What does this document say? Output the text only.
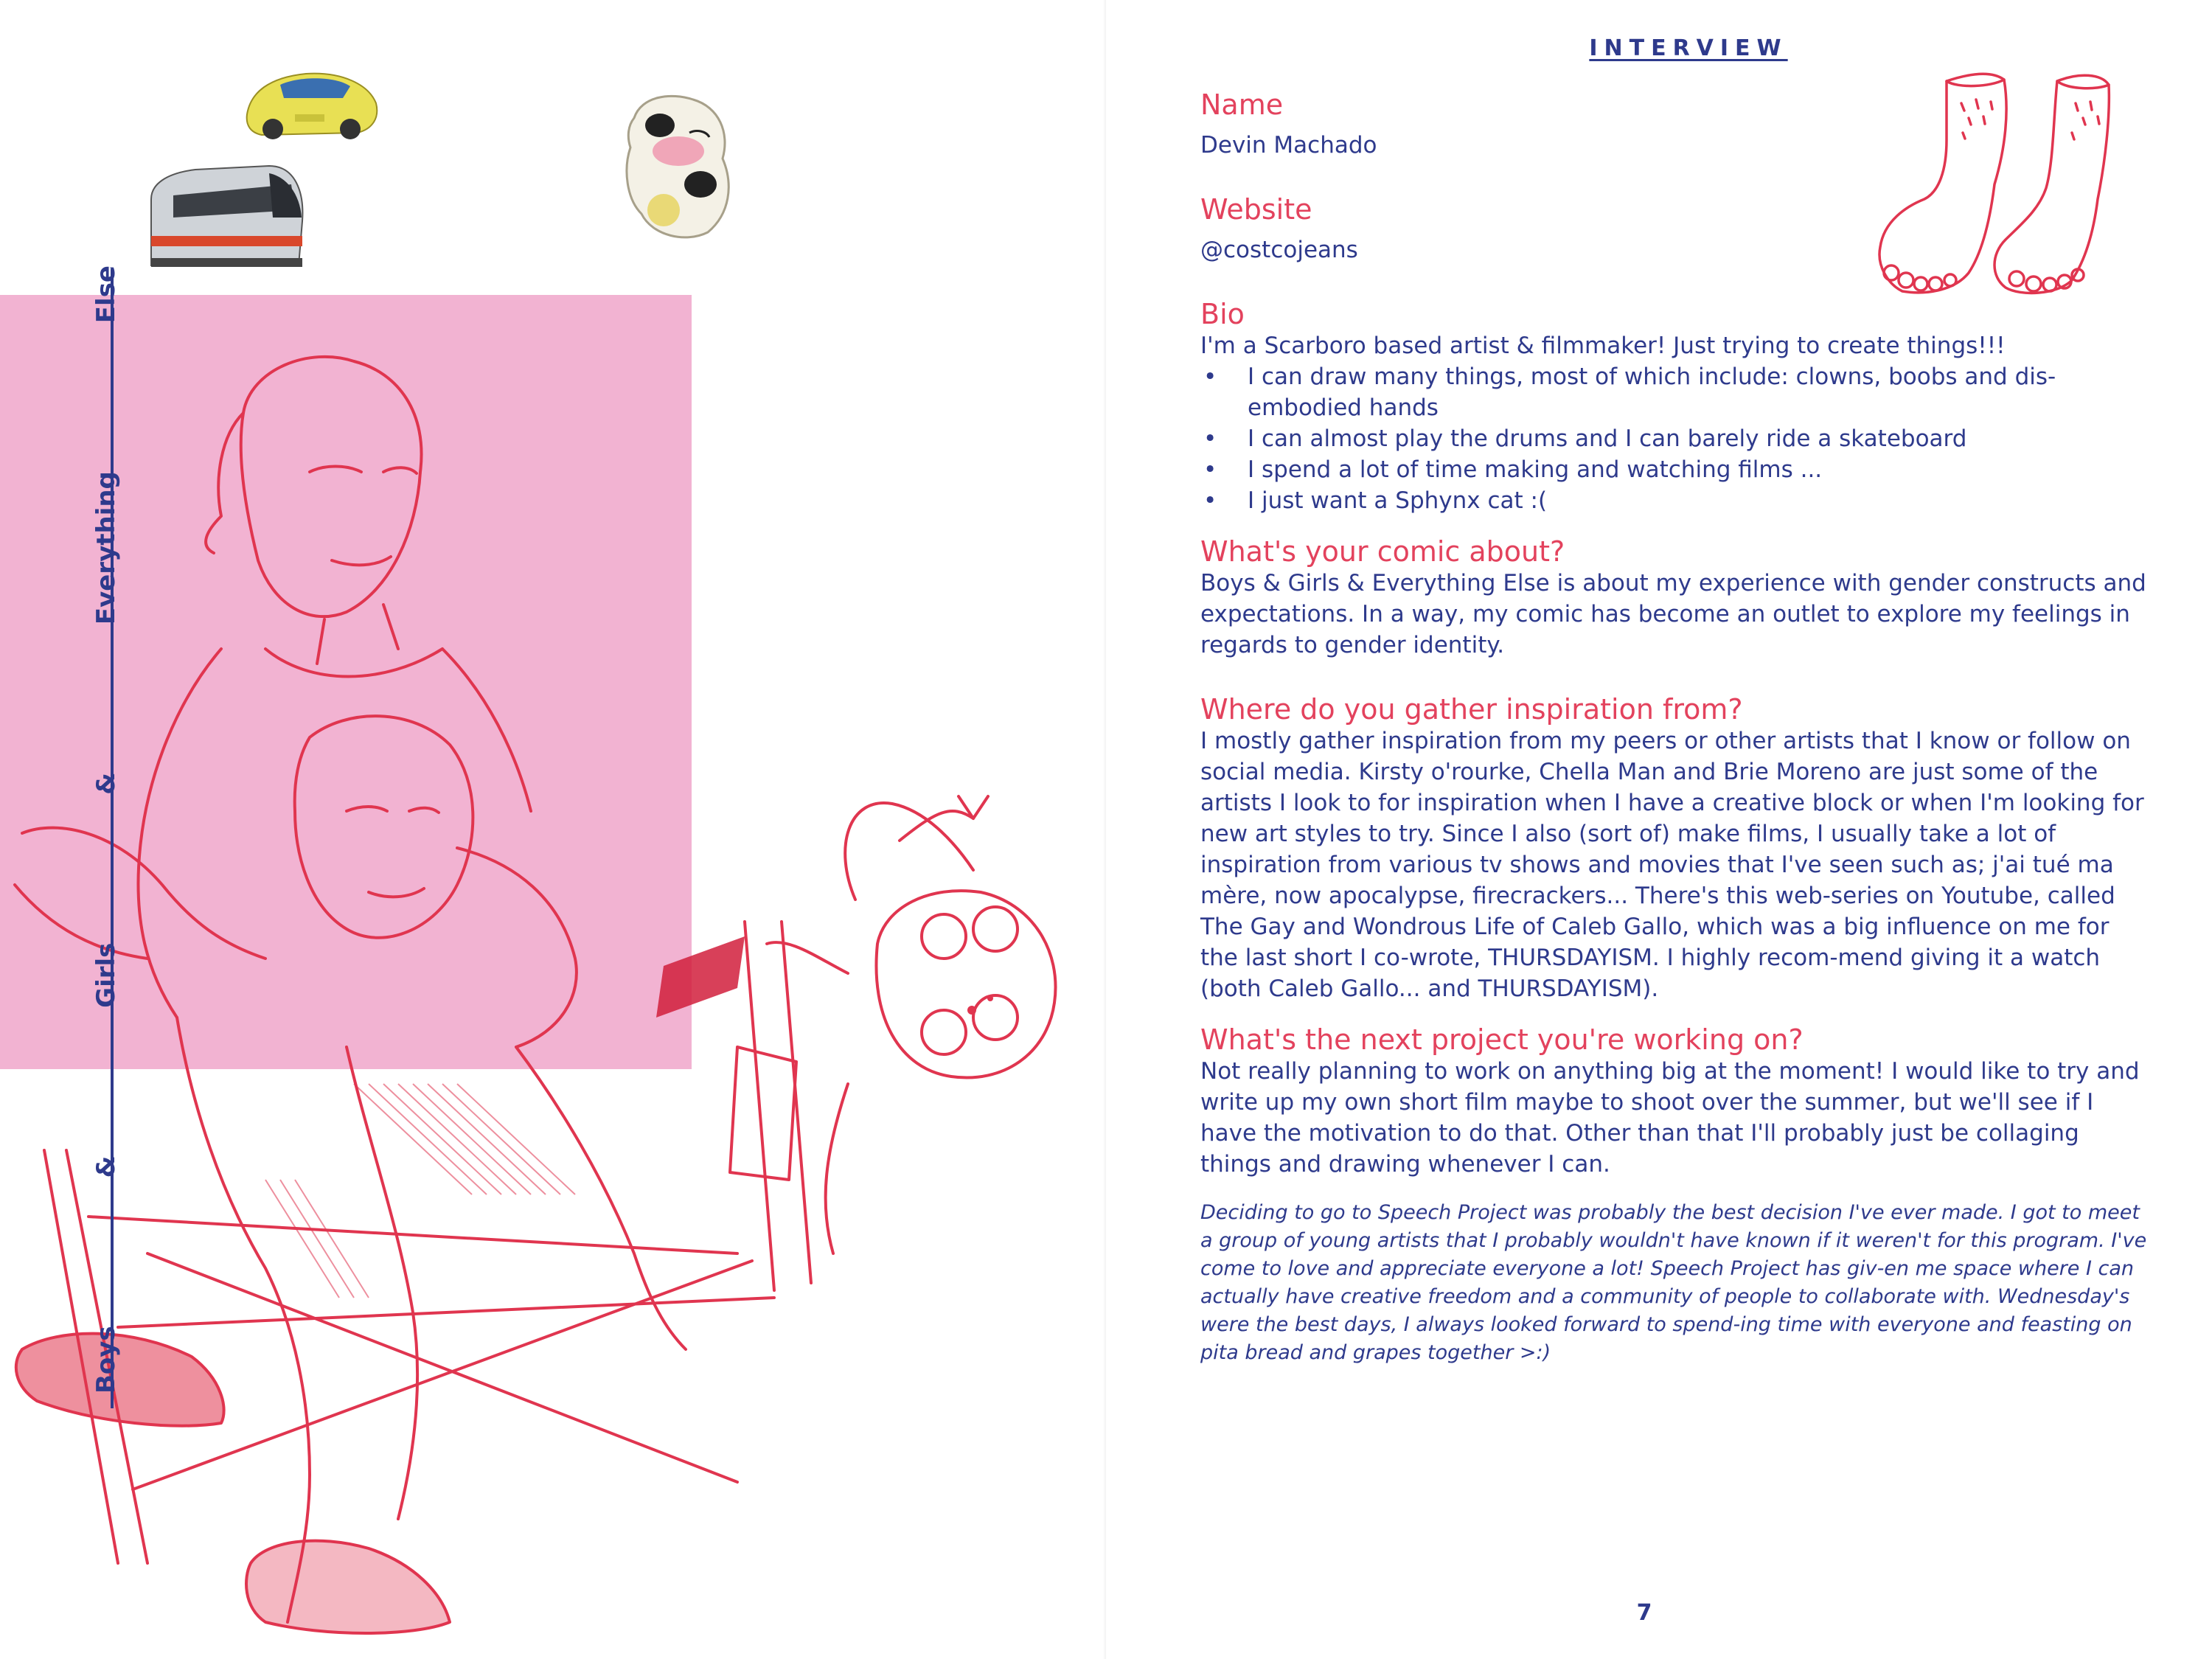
Boys
&
Girls
&
Everything
Else
INTERVIEW

Name

Devin Machado

Website

@costcojeans

Bio

I'm a Scarboro based artist & filmmaker! Just trying to create things!!!

• I can draw many things, most of which include: clowns, boobs and dis-embodied hands
• I can almost play the drums and I can barely ride a skateboard
• I spend a lot of time making and watching films ...
• I just want a Sphynx cat :(

What's your comic about?

Boys & Girls & Everything Else is about my experience with gender constructs and expectations. In a way, my comic has become an outlet to explore my feelings in regards to gender identity.

Where do you gather inspiration from?

I mostly gather inspiration from my peers or other artists that I know or follow on social media. Kirsty o'rourke, Chella Man and Brie Moreno are just some of the artists I look to for inspiration when I have a creative block or when I'm looking for new art styles to try. Since I also (sort of) make films, I usually take a lot of inspiration from various tv shows and movies that I've seen such as; j'ai tué ma mère, now apocalypse, firecrackers... There's this web-series on Youtube, called The Gay and Wondrous Life of Caleb Gallo, which was a big influence on me for the last short I co-wrote, THURSDAYISM. I highly recom-mend giving it a watch (both Caleb Gallo... and THURSDAYISM).

What's the next project you're working on?

Not really planning to work on anything big at the moment! I would like to try and write up my own short film maybe to shoot over the summer, but we'll see if I have the motivation to do that. Other than that I'll probably just be collaging things and drawing whenever I can.

Deciding to go to Speech Project was probably the best decision I've ever made. I got to meet a group of young artists that I probably wouldn't have known if it weren't for this program. I've come to love and appreciate everyone a lot! Speech Project has giv-en me space where I can actually have creative freedom and a community of people to collaborate with. Wednesday's were the best days, I always looked forward to spend-ing time with everyone and feasting on pita bread and grapes together >:)

7
